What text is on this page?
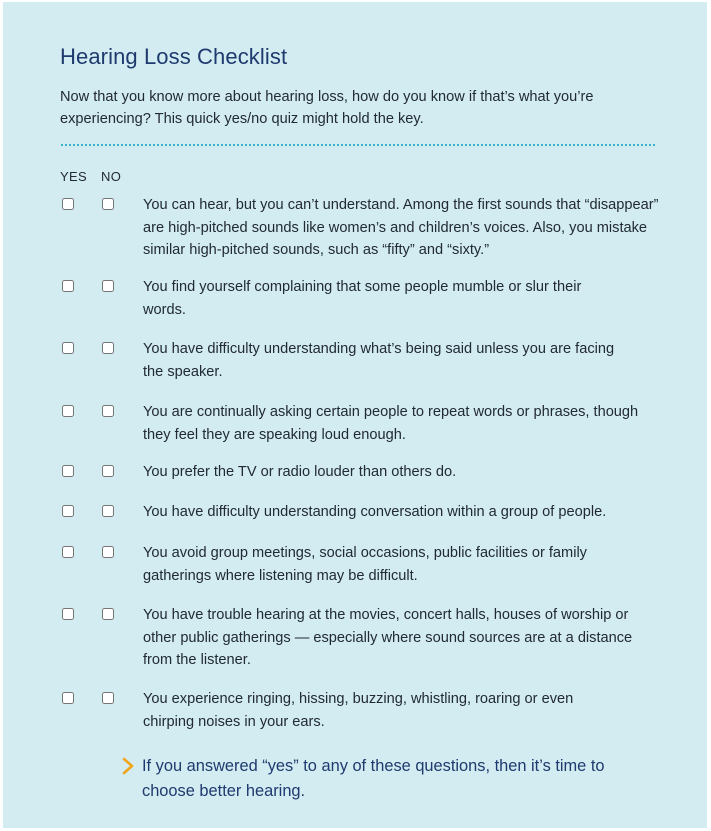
Hearing Loss Checklist

Now that you know more about hearing loss, how do you know if that’s what you’re experiencing? This quick yes/no quiz might hold the key.

YES NO

You can hear, but you can’t understand. Among the first sounds that “disappear” are high-pitched sounds like women’s and children’s voices. Also, you mistake similar high-pitched sounds, such as “fifty” and “sixty.”

You find yourself complaining that some people mumble or slur their words.

You have difficulty understanding what’s being said unless you are facing the speaker.

You are continually asking certain people to repeat words or phrases, though they feel they are speaking loud enough.

You prefer the TV or radio louder than others do.

You have difficulty understanding conversation within a group of people.

You avoid group meetings, social occasions, public facilities or family gatherings where listening may be difficult.

You have trouble hearing at the movies, concert halls, houses of worship or other public gatherings — especially where sound sources are at a distance from the listener.

You experience ringing, hissing, buzzing, whistling, roaring or even chirping noises in your ears.

If you answered “yes” to any of these questions, then it’s time to choose better hearing.
